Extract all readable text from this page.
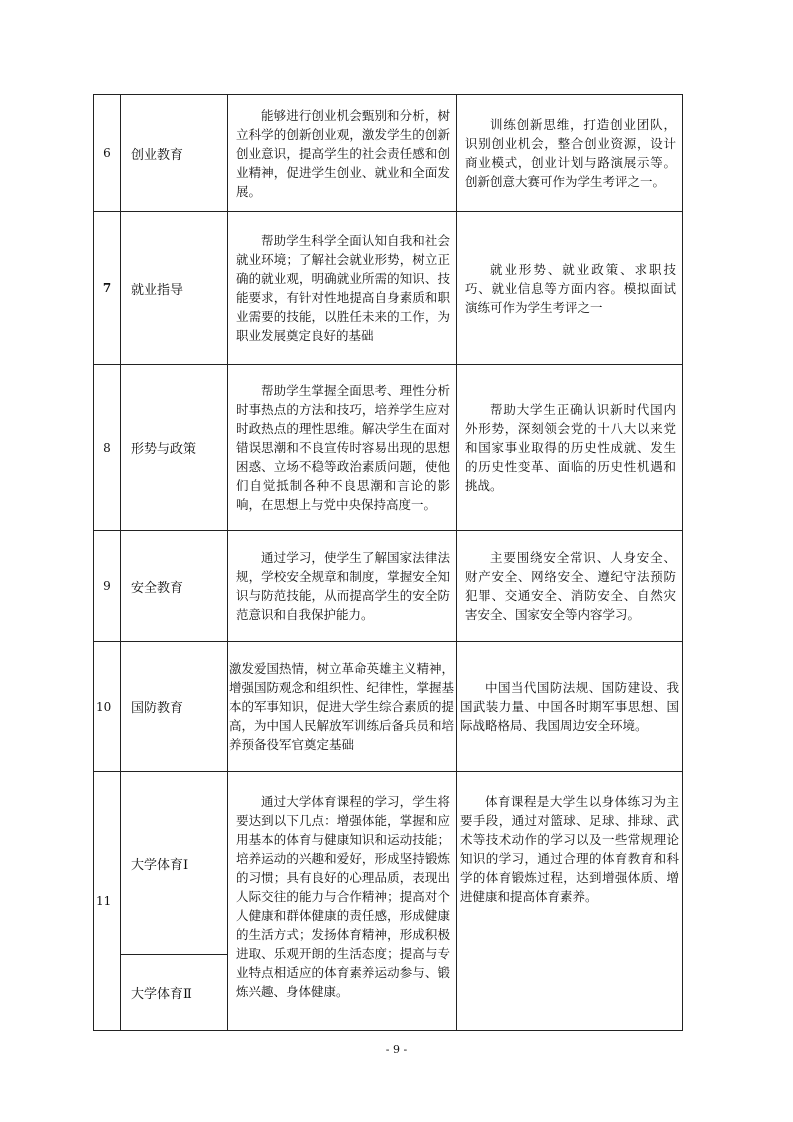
6	创业教育	能够进行创业机会甄别和分析，树立科学的创新创业观，激发学生的创新创业意识，提高学生的社会责任感和创业精神，促进学生创业、就业和全面发展。	训练创新思维，打造创业团队，识别创业机会，整合创业资源，设计商业模式，创业计划与路演展示等。创新创意大赛可作为学生考评之一。
7	就业指导	帮助学生科学全面认知自我和社会就业环境；了解社会就业形势，树立正确的就业观，明确就业所需的知识、技能要求，有针对性地提高自身素质和职业需要的技能，以胜任未来的工作，为职业发展奠定良好的基础	就业形势、就业政策、求职技巧、就业信息等方面内容。模拟面试演练可作为学生考评之一
8	形势与政策	帮助学生掌握全面思考、理性分析时事热点的方法和技巧，培养学生应对时政热点的理性思维。解决学生在面对错误思潮和不良宣传时容易出现的思想困惑、立场不稳等政治素质问题，使他们自觉抵制各种不良思潮和言论的影响，在思想上与党中央保持高度一。	帮助大学生正确认识新时代国内外形势，深刻领会党的十八大以来党和国家事业取得的历史性成就、发生的历史性变革、面临的历史性机遇和挑战。
9	安全教育	通过学习，使学生了解国家法律法规，学校安全规章和制度，掌握安全知识与防范技能，从而提高学生的安全防范意识和自我保护能力。	主要围绕安全常识、人身安全、财产安全、网络安全、遵纪守法预防犯罪、交通安全、消防安全、自然灾害安全、国家安全等内容学习。
10	国防教育	激发爱国热情，树立革命英雄主义精神，增强国防观念和组织性、纪律性，掌握基本的军事知识，促进大学生综合素质的提高，为中国人民解放军训练后备兵员和培养预备役军官奠定基础	中国当代国防法规、国防建设、我国武装力量、中国各时期军事思想、国际战略格局、我国周边安全环境。
11	大学体育Ⅰ	通过大学体育课程的学习，学生将要达到以下几点：增强体能，掌握和应用基本的体育与健康知识和运动技能；培养运动的兴趣和爱好，形成坚持锻炼的习惯；具有良好的心理品质，表现出人际交往的能力与合作精神；提高对个人健康和群体健康的责任感，形成健康的生活方式；发扬体育精神，形成积极进取、乐观开朗的生活态度；提高与专业特点相适应的体育素养运动参与、锻炼兴趣、身体健康。	体育课程是大学生以身体练习为主要手段，通过对篮球、足球、排球、武术等技术动作的学习以及一些常规理论知识的学习，通过合理的体育教育和科学的体育锻炼过程，达到增强体质、增进健康和提高体育素养。
	大学体育Ⅱ		
- 9 -
